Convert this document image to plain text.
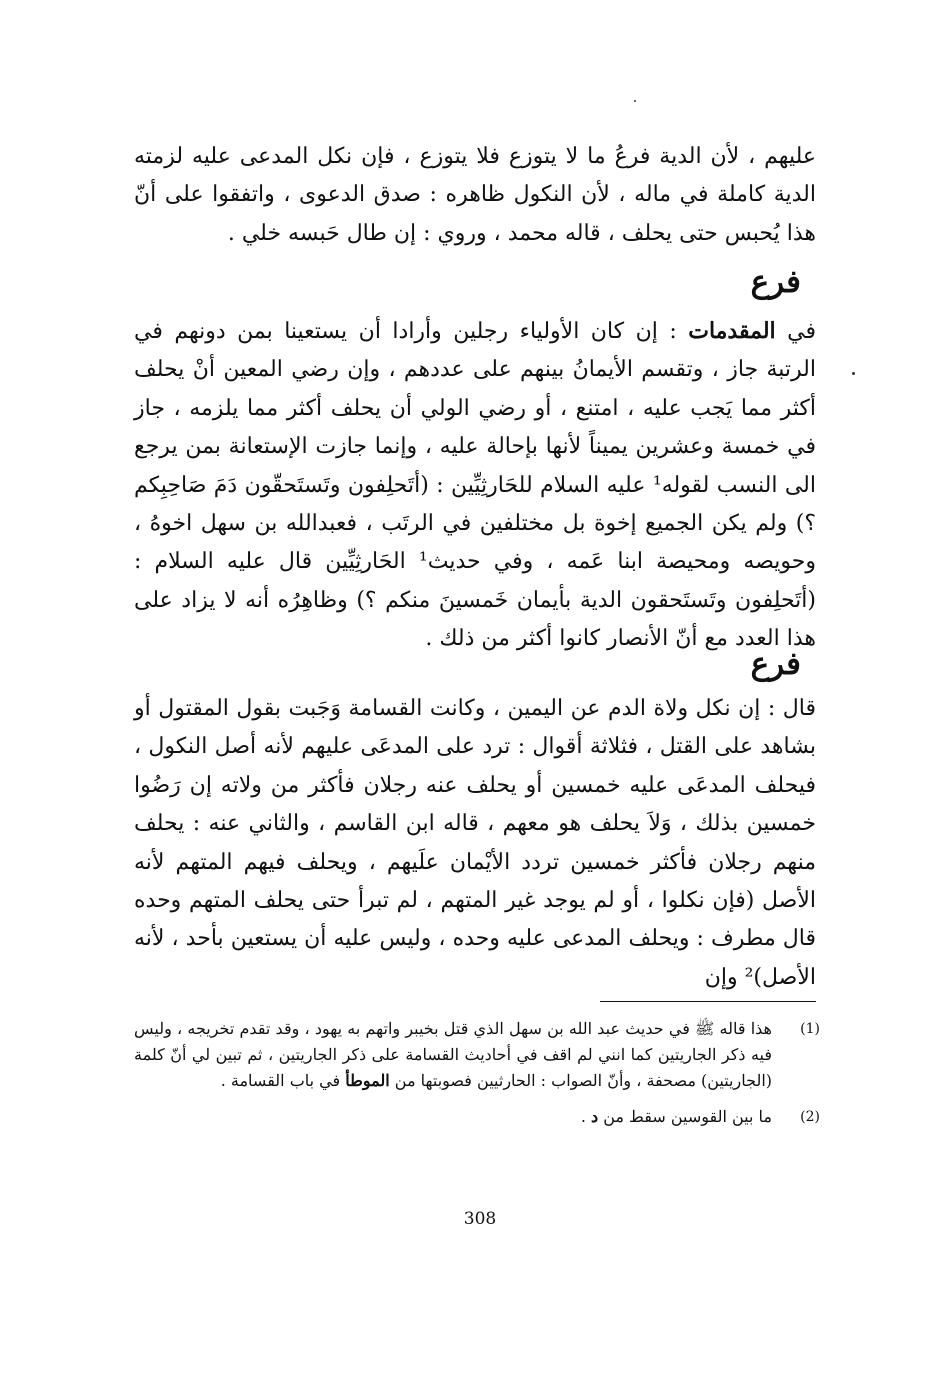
عليهم ، لأن الدية فرعُ ما لا يتوزع فلا يتوزع ، فإن نكل المدعى عليه لزمته الدية كاملة في ماله ، لأن النكول ظاهره : صدق الدعوى ، واتفقوا على أنّ هذا يُحبس حتى يحلف ، قاله محمد ، وروي : إن طال حَبسه خلي .

فرع

في المقدمات : إن كان الأولياء رجلين وأرادا أن يستعينا بمن دونهم في الرتبة جاز ، وتقسم الأيمانُ بينهم على عددهم ، وإن رضي المعين أنْ يحلف أكثر مما يَجب عليه ، امتنع ، أو رضي الولي أن يحلف أكثر مما يلزمه ، جاز في خمسة وعشرين يميناً لأنها بإحالة عليه ، وإنما جازت الإستعانة بمن يرجع الى النسب لقوله¹ عليه السلام للحَارثِيِّين : (أتَحلِفون وتَستَحقّون دَمَ صَاحِبِكم ؟) ولم يكن الجميع إخوة بل مختلفين في الرتَب ، فعبدالله بن سهل اخوهُ ، وحويصه ومحيصة ابنا عَمه ، وفي حديث¹ الحَارثِيِّين قال عليه السلام : (أتَحلِفون وتَستَحقون الدية بأيمان خَمسينَ منكم ؟) وظاهِرُه أنه لا يزاد على هذا العدد مع أنّ الأنصار كانوا أكثر من ذلك .

فرع

قال : إن نكل ولاة الدم عن اليمين ، وكانت القسامة وَجَبت بقول المقتول أو بشاهد على القتل ، فثلاثة أقوال : ترد على المدعَى عليهم لأنه أصل النكول ، فيحلف المدعَى عليه خمسين أو يحلف عنه رجلان فأكثر من ولاته إن رَضُوا خمسين بذلك ، وَلاَ يحلف هو معهم ، قاله ابن القاسم ، والثاني عنه : يحلف منهم رجلان فأكثر خمسين تردد الأيْمان علَيهم ، ويحلف فيهم المتهم لأنه الأصل (فإن نكلوا ، أو لم يوجد غير المتهم ، لم تبرأ حتى يحلف المتهم وحده قال مطرف : ويحلف المدعى عليه وحده ، وليس عليه أن يستعين بأحد ، لأنه الأصل)² وإن

(1)
هذا قاله ﷺ في حديث عبد الله بن سهل الذي قتل بخيبر واتهم به يهود ، وقد تقدم تخريجه ، وليس فيه ذكر الجاريتين كما انني لم اقف في أحاديث القسامة على ذكر الجاريتين ، ثم تبين لي أنّ كلمة (الجاريتين) مصحفة ، وأنّ الصواب : الحارثيين فصوبتها من الموطأ في باب القسامة .
(2)
ما بين القوسين سقط من د .
308
